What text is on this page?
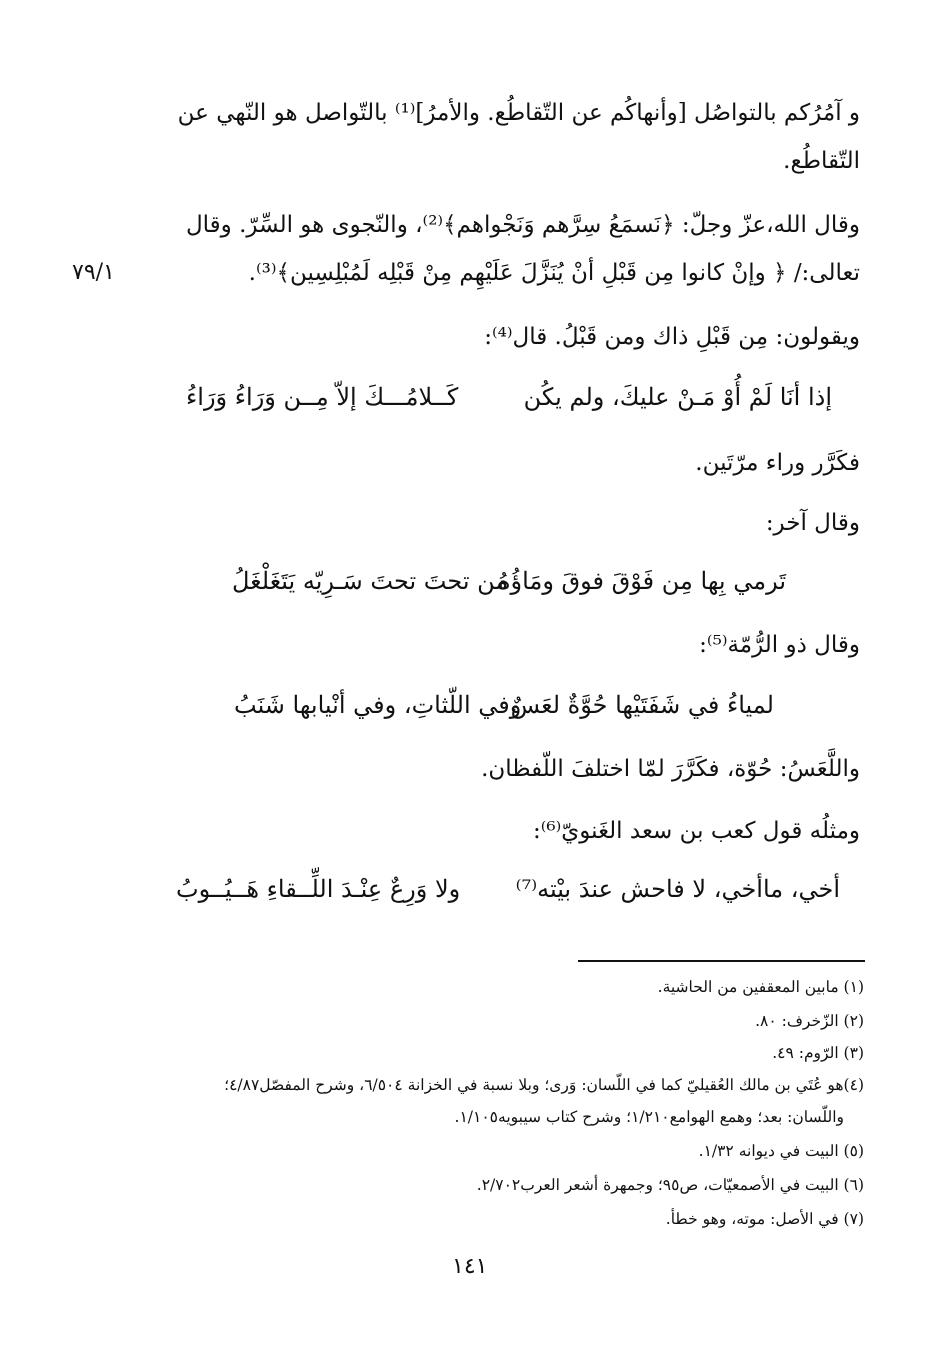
و آمُرُكم بالتواصُل [وأنهاكُم عن التّقاطُع. والأمرُ]⁽¹⁾ بالتّواصل هو النّهي عن
التّقاطُع.
وقال الله،عزّ وجلّ: ﴿نَسمَعُ سِرَّهم وَنَجْواهم﴾⁽²⁾، والنّجوى هو السِّرّ. وقال
تعالى:/ ﴿ وإنْ كانوا مِن قَبْلِ أنْ يُنَزَّلَ عَلَيْهِم مِنْ قَبْلِه لَمُبْلِسِين﴾⁽³⁾.
٧٩/١
ويقولون: مِن قَبْلِ ذاك ومن قَبْلُ. قال⁽⁴⁾:
إذا أنَا لَمْ أُوْ مَـنْ عليكَ، ولم يكُن
كَــلامُـــكَ إلاّ مِــن وَرَاءُ وَرَاءُ
فكَرَّر وراء مرّتَين.
وقال آخر:
تَرمي بِها مِن فَوْقَ فوقَ ومَاؤُهُ
من تحتَ تحتَ سَـرِيّه يَتَغَلْغَلُ
وقال ذو الرُّمّة⁽⁵⁾:
لمياءُ في شَفَتَيْها حُوَّةٌ لعَسٌ
وفي اللّثاتِ، وفي أنْيابها شَنَبُ
واللَّعَسُ: حُوّة، فكَرَّرَ لمّا اختلفَ اللّفظان.
ومثلُه قول كعب بن سعد الغَنويّ⁽⁶⁾:
أخي، ماأخي، لا فاحش عندَ بيْته⁽⁷⁾
ولا وَرِعٌ عِنْـدَ اللِّــقاءِ هَــيُــوبُ
(١) مابين المعقفين من الحاشية.
(٢) الزّخرف: ٨٠.
(٣) الرّوم: ٤٩.
(٤)هو عُتَي بن مالك العُقيليّ كما في اللّسان: وَرى؛ وبلا نسبة في الخزانة ٦/٥٠٤، وشرح المفصّل٤/٨٧؛
واللّسان: بعد؛ وهمع الهوامع١/٢١٠؛ وشرح كتاب سيبويه١/١٠٥.
(٥) البيت في ديوانه ١/٣٢.
(٦) البيت في الأصمعيّات، ص٩٥؛ وجمهرة أشعر العرب٢/٧٠٢.
(٧) في الأصل: موته، وهو خطأ.
١٤١
